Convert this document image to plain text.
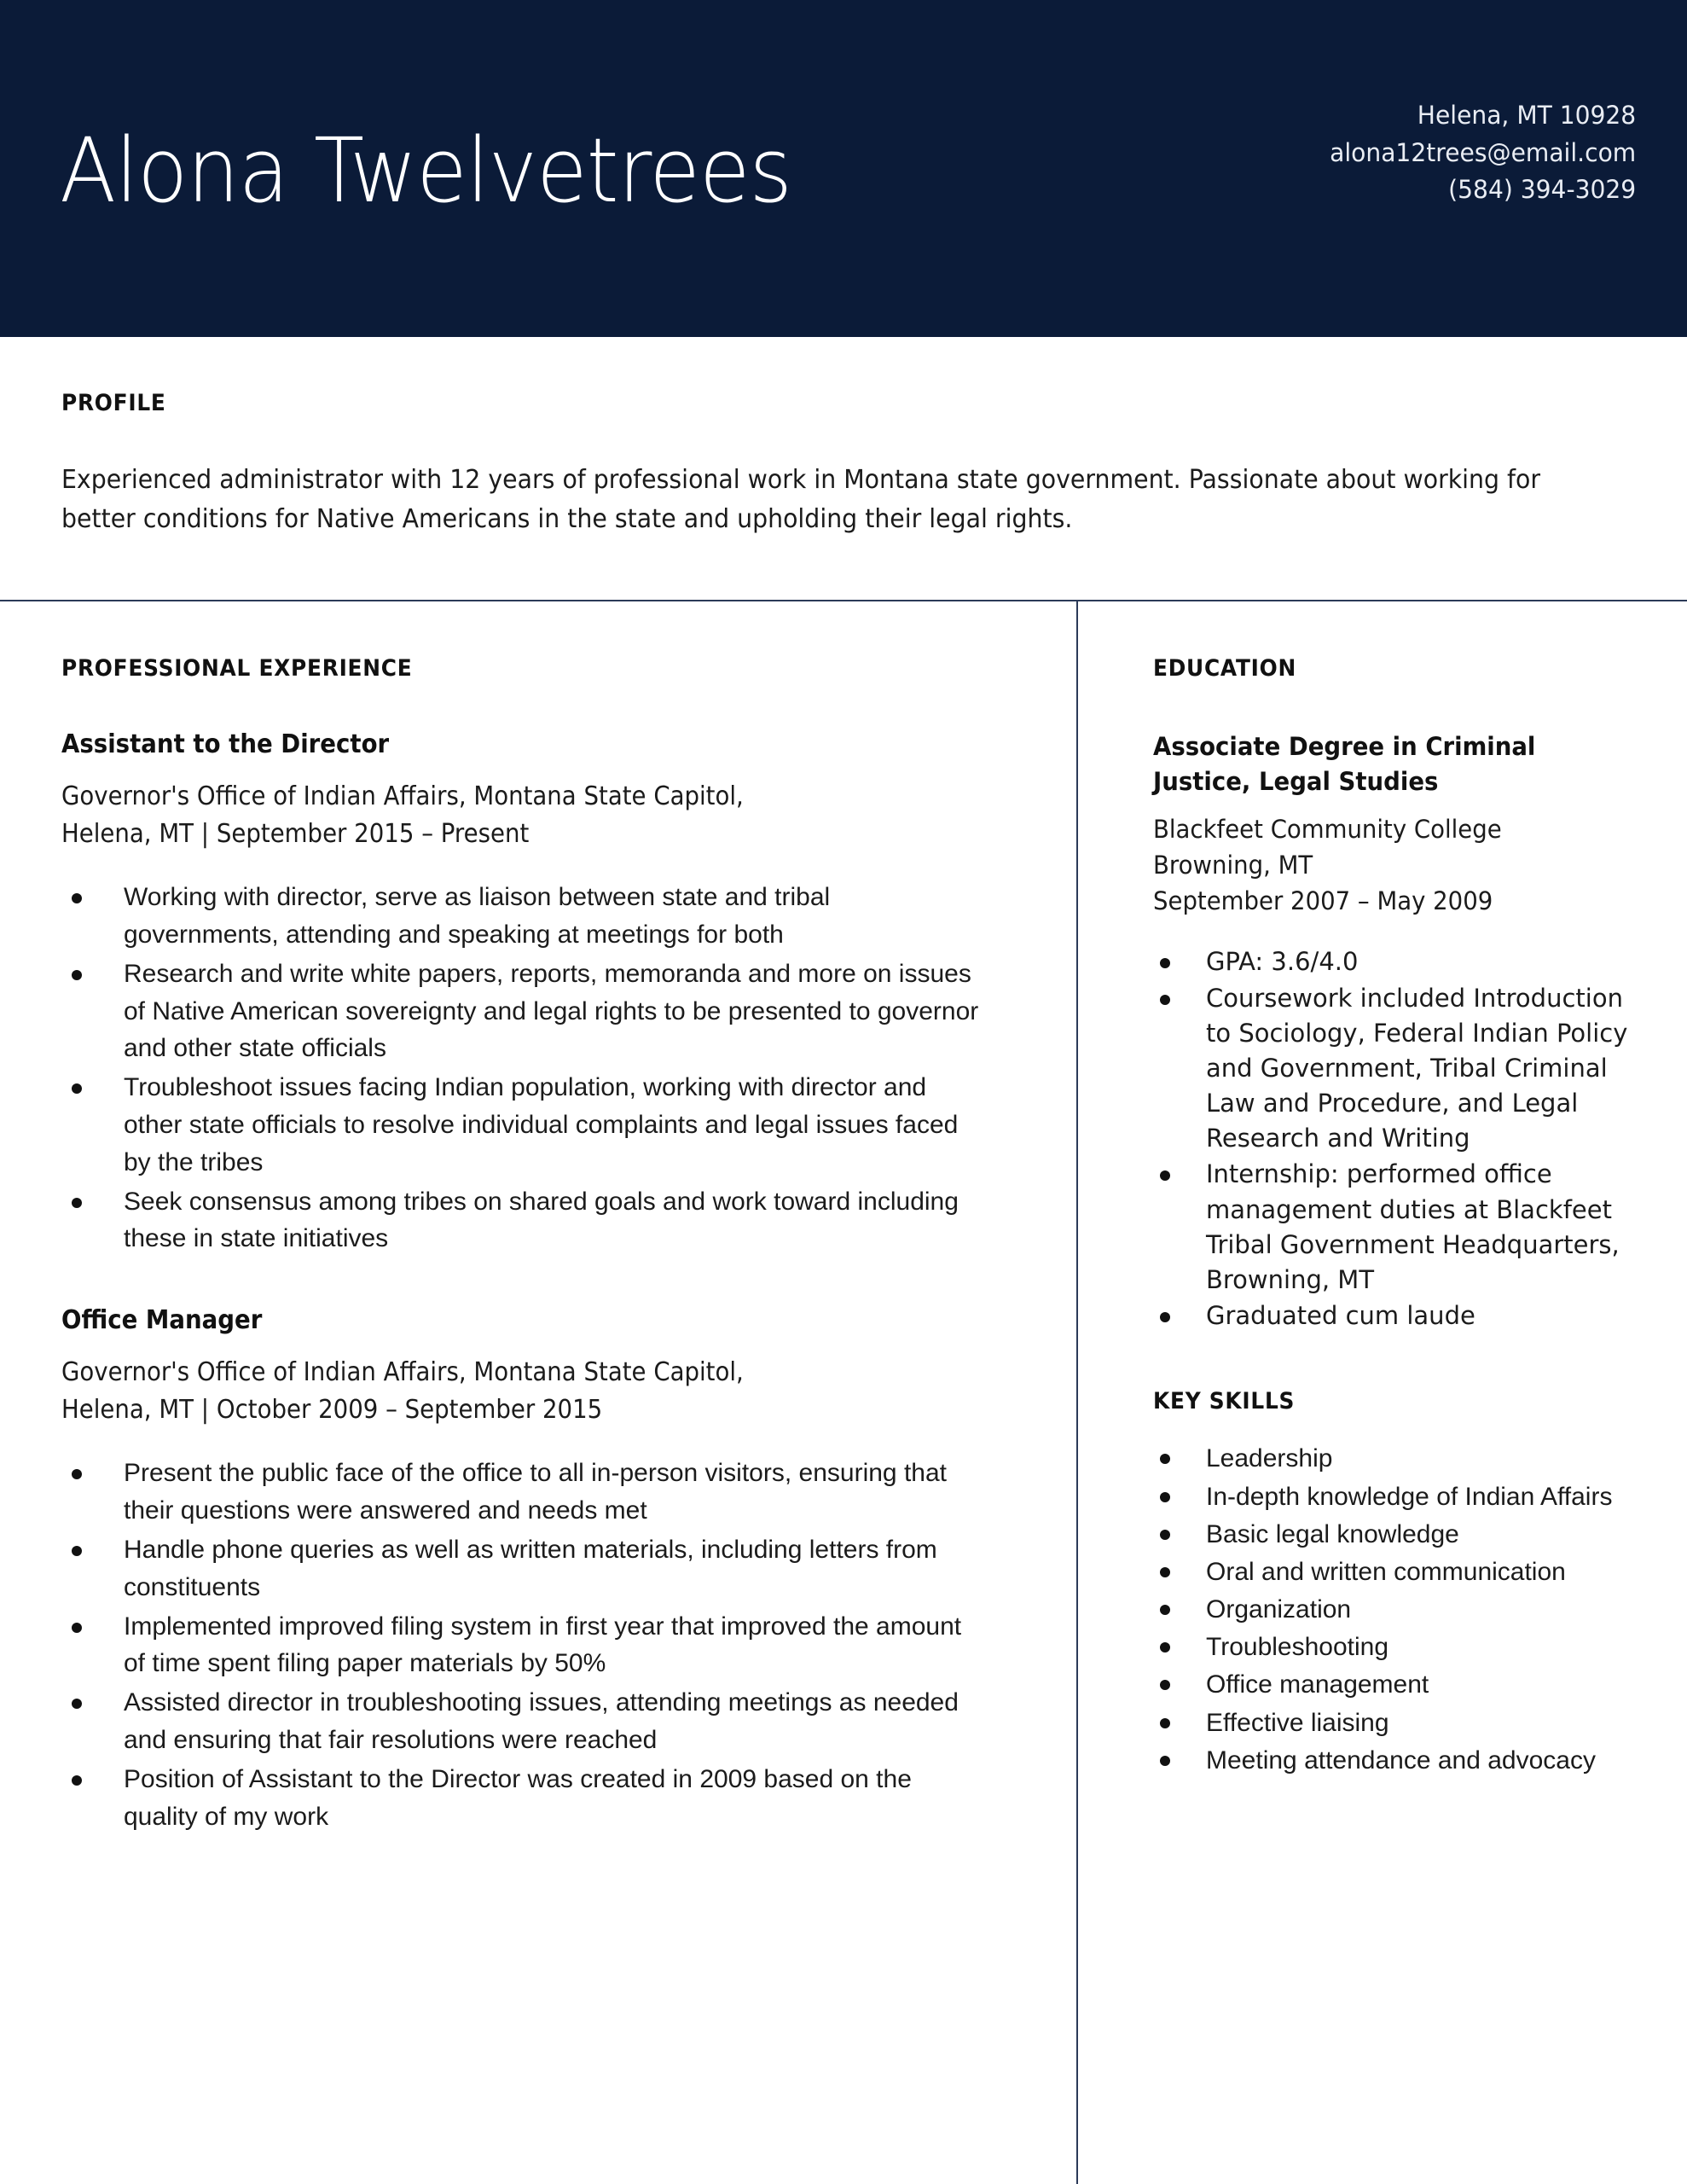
Alona Twelvetrees
Helena, MT 10928
alona12trees@email.com
(584) 394-3029
PROFILE
Experienced administrator with 12 years of professional work in Montana state government. Passionate about working for better conditions for Native Americans in the state and upholding their legal rights.
PROFESSIONAL EXPERIENCE
Assistant to the Director
Governor's Office of Indian Affairs, Montana State Capitol,
Helena, MT | September 2015 – Present
Working with director, serve as liaison between state and tribal governments, attending and speaking at meetings for both
Research and write white papers, reports, memoranda and more on issues of Native American sovereignty and legal rights to be presented to governor and other state officials
Troubleshoot issues facing Indian population, working with director and other state officials to resolve individual complaints and legal issues faced by the tribes
Seek consensus among tribes on shared goals and work toward including these in state initiatives
Office Manager
Governor's Office of Indian Affairs, Montana State Capitol,
Helena, MT | October 2009 – September 2015
Present the public face of the office to all in-person visitors, ensuring that their questions were answered and needs met
Handle phone queries as well as written materials, including letters from constituents
Implemented improved filing system in first year that improved the amount of time spent filing paper materials by 50%
Assisted director in troubleshooting issues, attending meetings as needed and ensuring that fair resolutions were reached
Position of Assistant to the Director was created in 2009 based on the quality of my work
EDUCATION
Associate Degree in Criminal
Justice, Legal Studies
Blackfeet Community College
Browning, MT
September 2007 – May 2009
GPA: 3.6/4.0
Coursework included Introduction to Sociology, Federal Indian Policy and Government, Tribal Criminal Law and Procedure, and Legal Research and Writing
Internship: performed office management duties at Blackfeet Tribal Government Headquarters, Browning, MT
Graduated cum laude
KEY SKILLS
Leadership
In-depth knowledge of Indian Affairs
Basic legal knowledge
Oral and written communication
Organization
Troubleshooting
Office management
Effective liaising
Meeting attendance and advocacy
